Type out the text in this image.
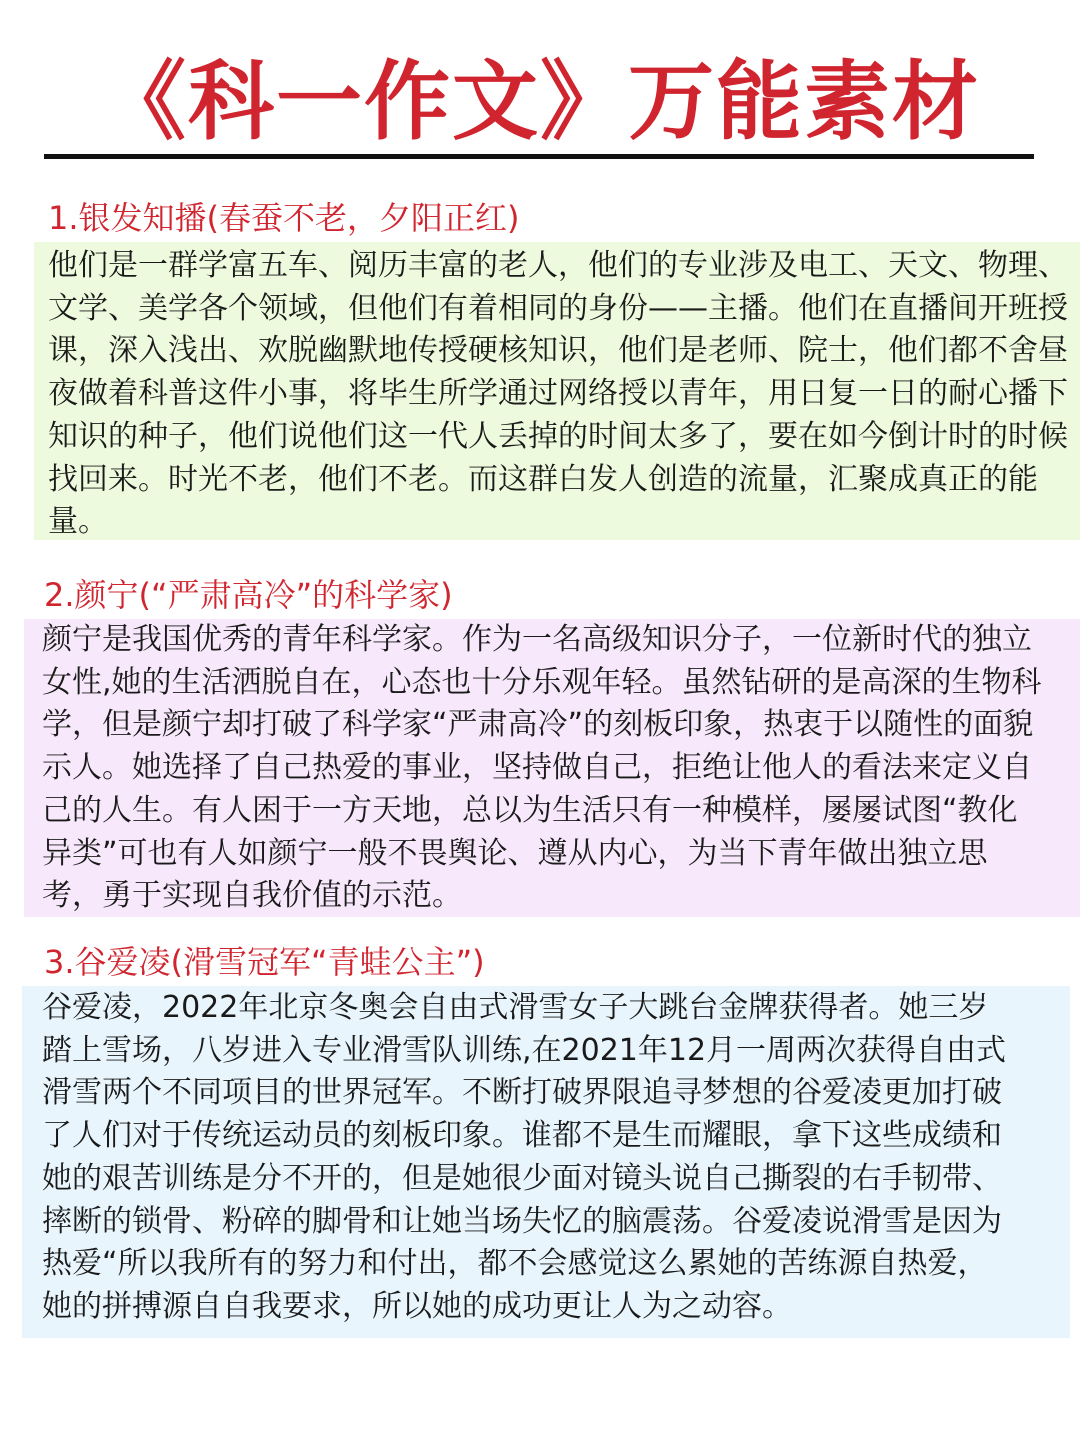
《科一作文》万能素材
1.银发知播(春蚕不老，夕阳正红)

他们是一群学富五车、阅历丰富的老人，他们的专业涉及电工、天文、物理、文学、美学各个领域，但他们有着相同的身份——主播。他们在直播间开班授课，深入浅出、欢脱幽默地传授硬核知识，他们是老师、院士，他们都不舍昼夜做着科普这件小事，将毕生所学通过网络授以青年，用日复一日的耐心播下知识的种子，他们说他们这一代人丢掉的时间太多了，要在如今倒计时的时候找回来。时光不老，他们不老。而这群白发人创造的流量，汇聚成真正的能量。

2.颜宁(“严肃高冷”的科学家)

颜宁是我国优秀的青年科学家。作为一名高级知识分子，一位新时代的独立女性,她的生活洒脱自在，心态也十分乐观年轻。虽然钻研的是高深的生物科学，但是颜宁却打破了科学家“严肃高冷”的刻板印象，热衷于以随性的面貌示人。她选择了自己热爱的事业，坚持做自己，拒绝让他人的看法来定义自己的人生。有人困于一方天地，总以为生活只有一种模样，屡屡试图“教化异类”可也有人如颜宁一般不畏舆论、遵从内心，为当下青年做出独立思考，勇于实现自我价值的示范。

3.谷爱凌(滑雪冠军“青蛙公主”)

谷爱凌，2022年北京冬奥会自由式滑雪女子大跳台金牌获得者。她三岁踏上雪场，八岁进入专业滑雪队训练,在2021年12月一周两次获得自由式滑雪两个不同项目的世界冠军。不断打破界限追寻梦想的谷爱凌更加打破了人们对于传统运动员的刻板印象。谁都不是生而耀眼，拿下这些成绩和她的艰苦训练是分不开的，但是她很少面对镜头说自己撕裂的右手韧带、摔断的锁骨、粉碎的脚骨和让她当场失忆的脑震荡。谷爱凌说滑雪是因为热爱“所以我所有的努力和付出，都不会感觉这么累她的苦练源自热爱，她的拼搏源自自我要求，所以她的成功更让人为之动容。
